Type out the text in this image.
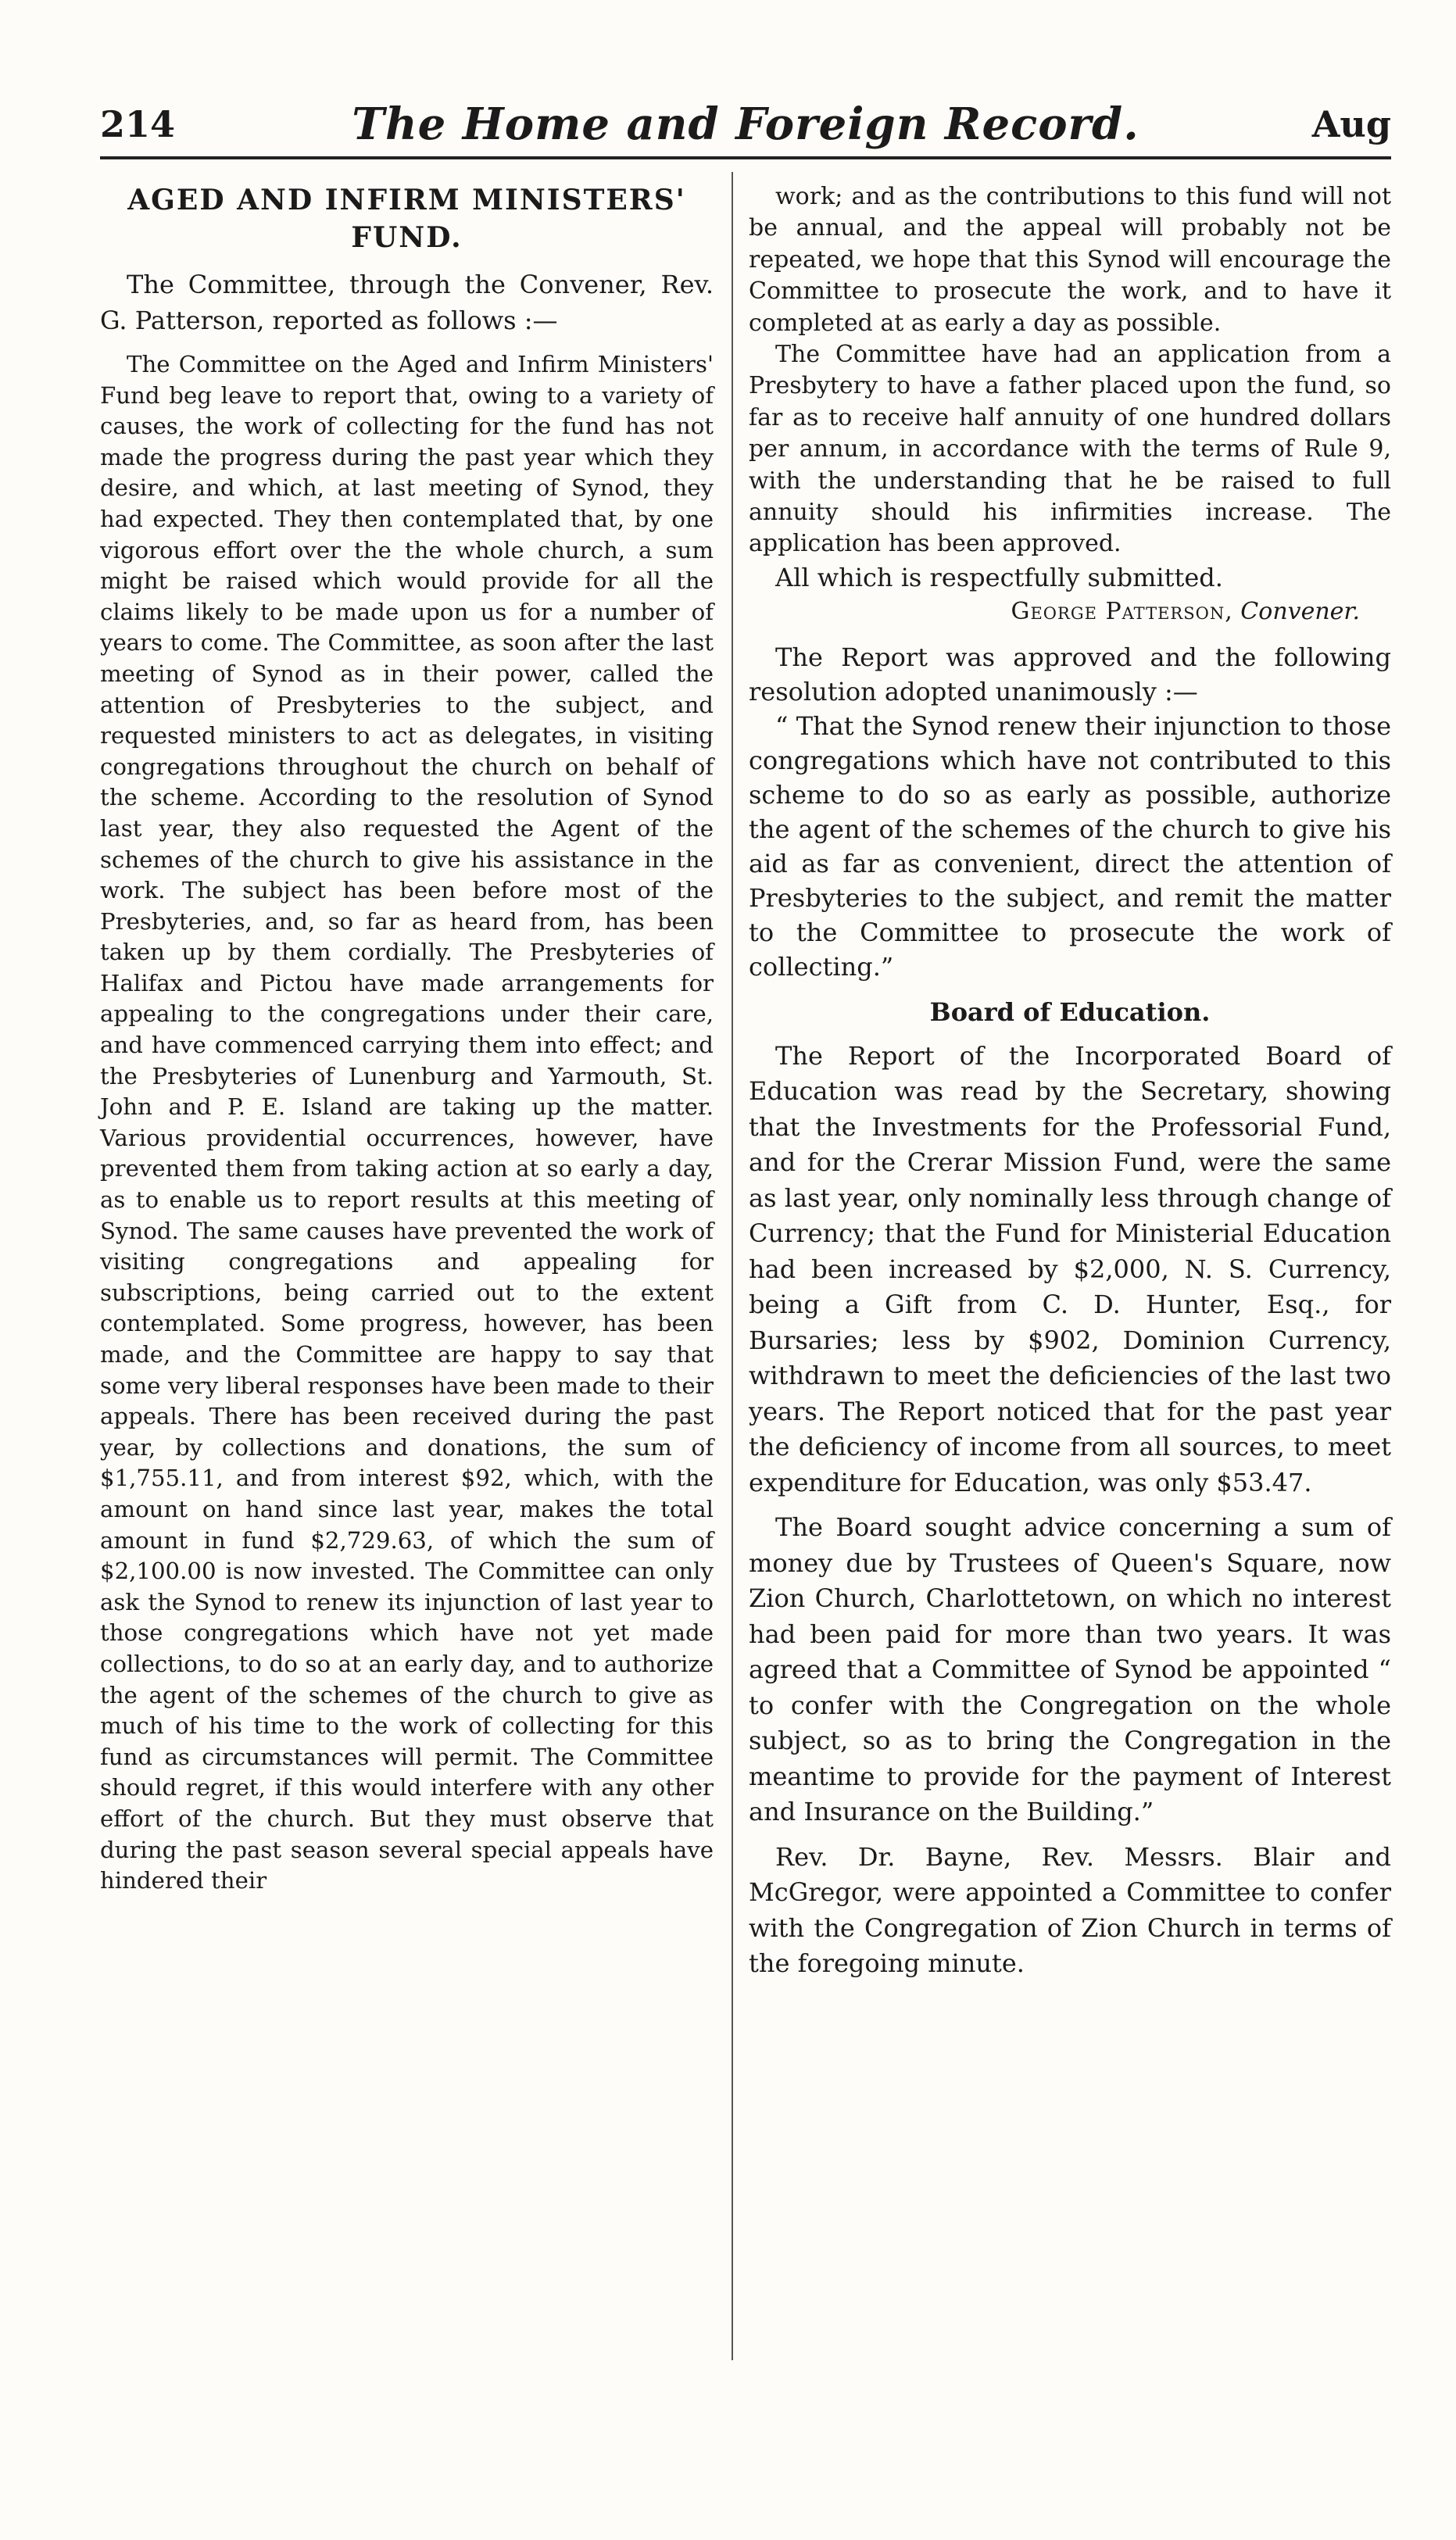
214	The Home and Foreign Record.	Aug
AGED AND INFIRM MINISTERS' FUND.

The Committee, through the Convener, Rev. G. Patterson, reported as follows :—

The Committee on the Aged and Infirm Ministers' Fund beg leave to report that, owing to a variety of causes, the work of collecting for the fund has not made the progress during the past year which they desire, and which, at last meeting of Synod, they had expected. They then contemplated that, by one vigorous effort over the the whole church, a sum might be raised which would provide for all the claims likely to be made upon us for a number of years to come. The Committee, as soon after the last meeting of Synod as in their power, called the attention of Presbyteries to the subject, and requested ministers to act as delegates, in visiting congregations throughout the church on behalf of the scheme. According to the resolution of Synod last year, they also requested the Agent of the schemes of the church to give his assistance in the work. The subject has been before most of the Presbyteries, and, so far as heard from, has been taken up by them cordially. The Presbyteries of Halifax and Pictou have made arrangements for appealing to the congregations under their care, and have commenced carrying them into effect; and the Presbyteries of Lunenburg and Yarmouth, St. John and P. E. Island are taking up the matter. Various providential occurrences, however, have prevented them from taking action at so early a day, as to enable us to report results at this meeting of Synod. The same causes have prevented the work of visiting congregations and appealing for subscriptions, being carried out to the extent contemplated. Some progress, however, has been made, and the Committee are happy to say that some very liberal responses have been made to their appeals. There has been received during the past year, by collections and donations, the sum of $1,755.11, and from interest $92, which, with the amount on hand since last year, makes the total amount in fund $2,729.63, of which the sum of $2,100.00 is now invested. The Committee can only ask the Synod to renew its injunction of last year to those congregations which have not yet made collections, to do so at an early day, and to authorize the agent of the schemes of the church to give as much of his time to the work of collecting for this fund as circumstances will permit. The Committee should regret, if this would interfere with any other effort of the church. But they must observe that during the past season several special appeals have hindered their

work; and as the contributions to this fund will not be annual, and the appeal will probably not be repeated, we hope that this Synod will encourage the Committee to prosecute the work, and to have it completed at as early a day as possible.

The Committee have had an application from a Presbytery to have a father placed upon the fund, so far as to receive half annuity of one hundred dollars per annum, in accordance with the terms of Rule 9, with the understanding that he be raised to full annuity should his infirmities increase. The application has been approved.

All which is respectfully submitted.

George Patterson, Convener.

The Report was approved and the following resolution adopted unanimously :—

“ That the Synod renew their injunction to those congregations which have not contributed to this scheme to do so as early as possible, authorize the agent of the schemes of the church to give his aid as far as convenient, direct the attention of Presbyteries to the subject, and remit the matter to the Committee to prosecute the work of collecting.”

Board of Education.

The Report of the Incorporated Board of Education was read by the Secretary, showing that the Investments for the Professorial Fund, and for the Crerar Mission Fund, were the same as last year, only nominally less through change of Currency; that the Fund for Ministerial Education had been increased by $2,000, N. S. Currency, being a Gift from C. D. Hunter, Esq., for Bursaries; less by $902, Dominion Currency, withdrawn to meet the deficiencies of the last two years. The Report noticed that for the past year the deficiency of income from all sources, to meet expenditure for Education, was only $53.47.

The Board sought advice concerning a sum of money due by Trustees of Queen's Square, now Zion Church, Charlottetown, on which no interest had been paid for more than two years. It was agreed that a Committee of Synod be appointed “ to confer with the Congregation on the whole subject, so as to bring the Congregation in the meantime to provide for the payment of Interest and Insurance on the Building.”

Rev. Dr. Bayne, Rev. Messrs. Blair and McGregor, were appointed a Committee to confer with the Congregation of Zion Church in terms of the foregoing minute.
